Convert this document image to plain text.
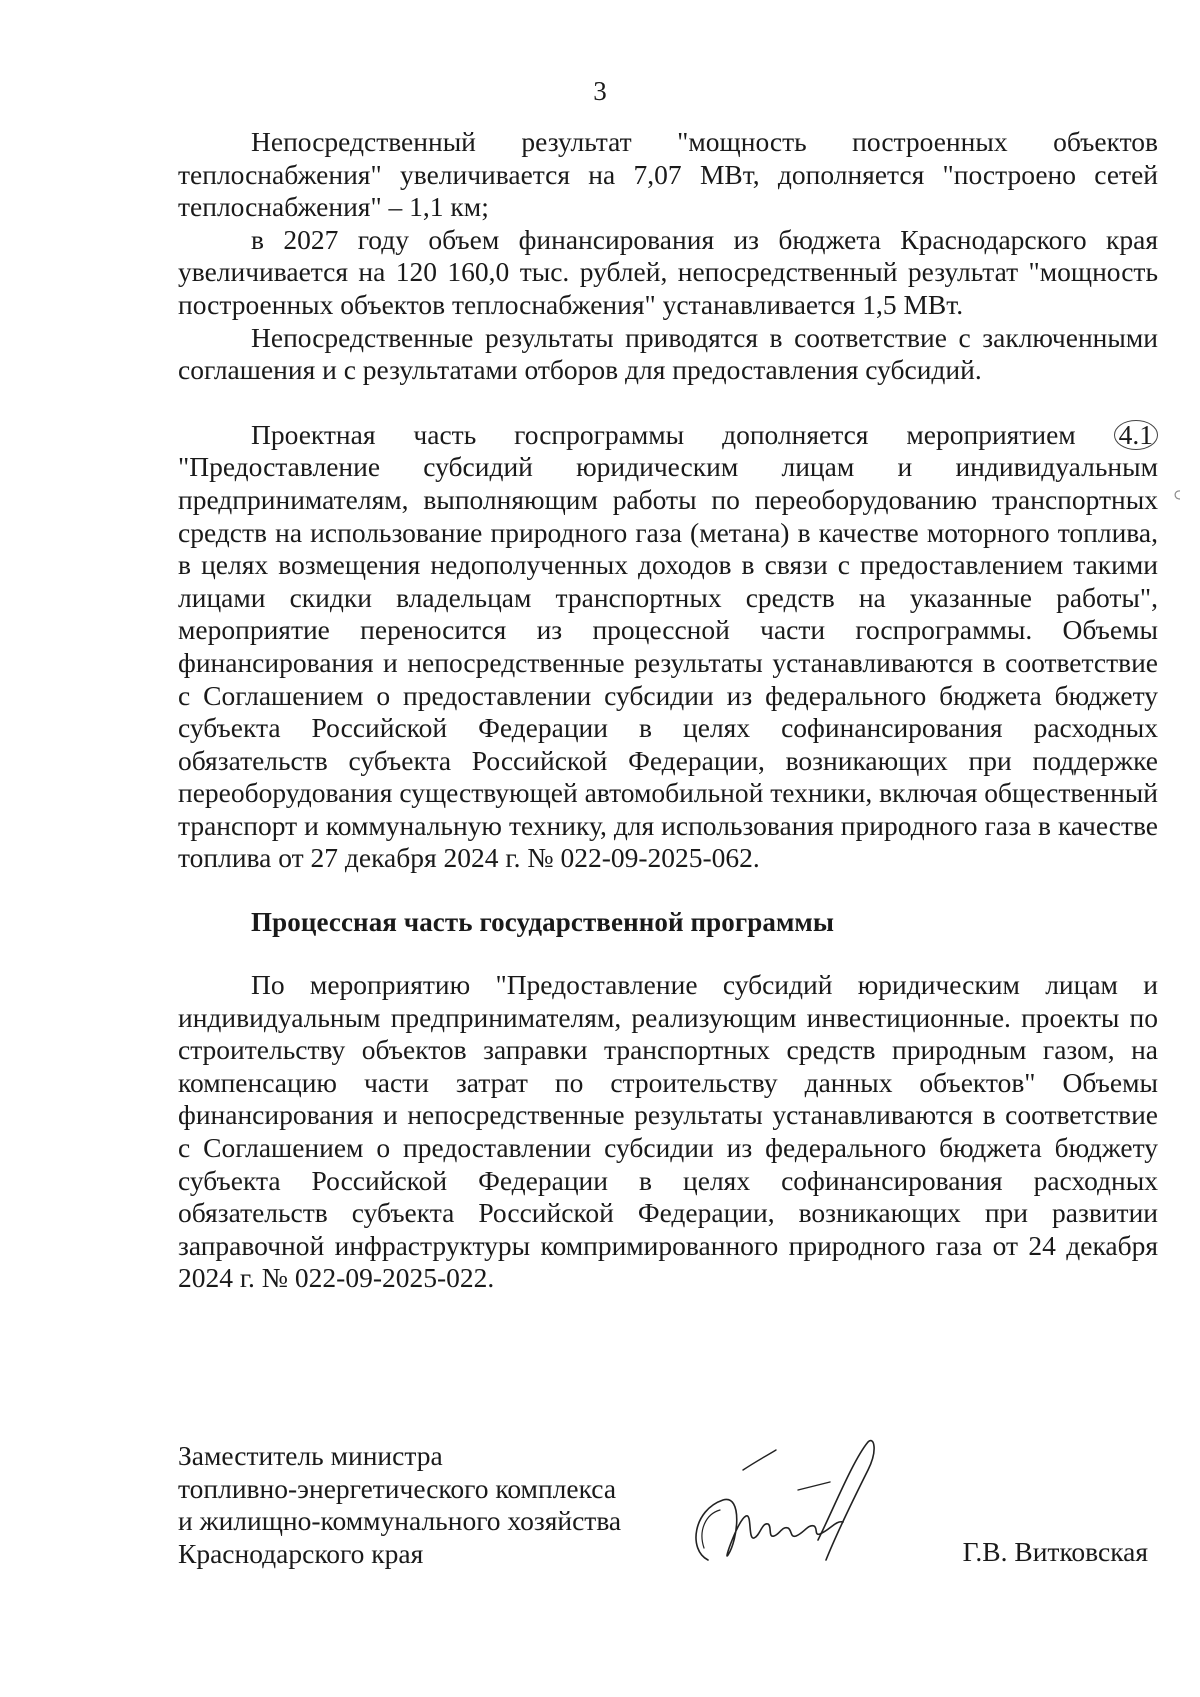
3

Непосредственный результат "мощность построенных объектов теплоснабжения" увеличивается на 7,07 МВт, дополняется "построено сетей теплоснабжения" – 1,1 км;

в 2027 году объем финансирования из бюджета Краснодарского края увеличивается на 120 160,0 тыс. рублей, непосредственный результат "мощность построенных объектов теплоснабжения" устанавливается 1,5 МВт.

Непосредственные результаты приводятся в соответствие с заключенными соглашения и с результатами отборов для предоставления субсидий.

Проектная часть госпрограммы дополняется мероприятием 4.1 "Предоставление субсидий юридическим лицам и индивидуальным предпринимателям, выполняющим работы по переоборудованию транспортных средств на использование природного газа (метана) в качестве моторного топлива, в целях возмещения недополученных доходов в связи с предоставлением такими лицами скидки владельцам транспортных средств на указанные работы", мероприятие переносится из процессной части госпрограммы. Объемы финансирования и непосредственные результаты устанавливаются в соответствие с Соглашением о предоставлении субсидии из федерального бюджета бюджету субъекта Российской Федерации в целях софинансирования расходных обязательств субъекта Российской Федерации, возникающих при поддержке переоборудования существующей автомобильной техники, включая общественный транспорт и коммунальную технику, для использования природного газа в качестве топлива от 27 декабря 2024 г. № 022-09-2025-062.

Процессная часть государственной программы

По мероприятию "Предоставление субсидий юридическим лицам и индивидуальным предпринимателям, реализующим инвестиционные. проекты по строительству объектов заправки транспортных средств природным газом, на компенсацию части затрат по строительству данных объектов" Объемы финансирования и непосредственные результаты устанавливаются в соответствие с Соглашением о предоставлении субсидии из федерального бюджета бюджету субъекта Российской Федерации в целях софинансирования расходных обязательств субъекта Российской Федерации, возникающих при развитии заправочной инфраструктуры компримированного природного газа от 24 декабря 2024 г. № 022-09-2025-022.

Заместитель министра
топливно-энергетического комплекса
и жилищно-коммунального хозяйства
Краснодарского края	Г.В. Витковская
